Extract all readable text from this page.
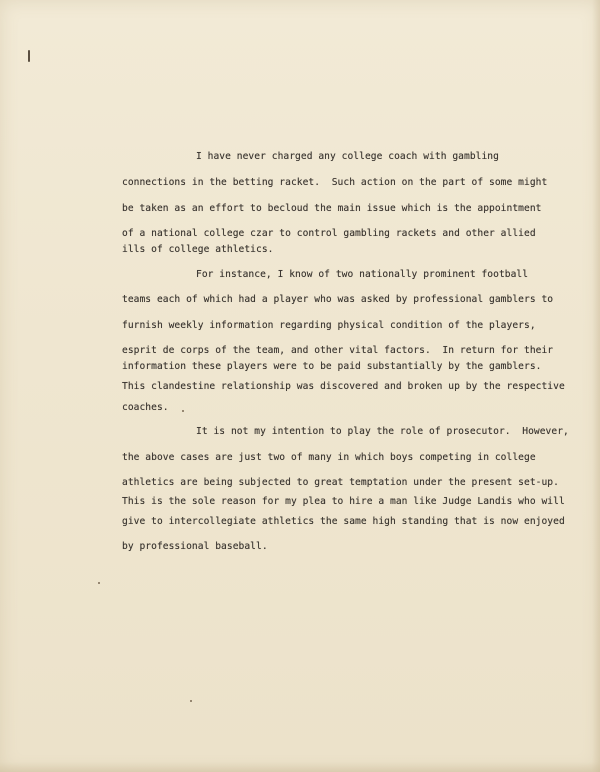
I have never charged any college coach with gambling
connections in the betting racket.  Such action on the part of some might
be taken as an effort to becloud the main issue which is the appointment
of a national college czar to control gambling rackets and other allied
ills of college athletics.
For instance, I know of two nationally prominent football
teams each of which had a player who was asked by professional gamblers to
furnish weekly information regarding physical condition of the players,
esprit de corps of the team, and other vital factors.  In return for their
information these players were to be paid substantially by the gamblers.
This clandestine relationship was discovered and broken up by the respective
coaches.
It is not my intention to play the role of prosecutor.  However,
the above cases are just two of many in which boys competing in college
athletics are being subjected to great temptation under the present set-up.
This is the sole reason for my plea to hire a man like Judge Landis who will
give to intercollegiate athletics the same high standing that is now enjoyed
by professional baseball.
